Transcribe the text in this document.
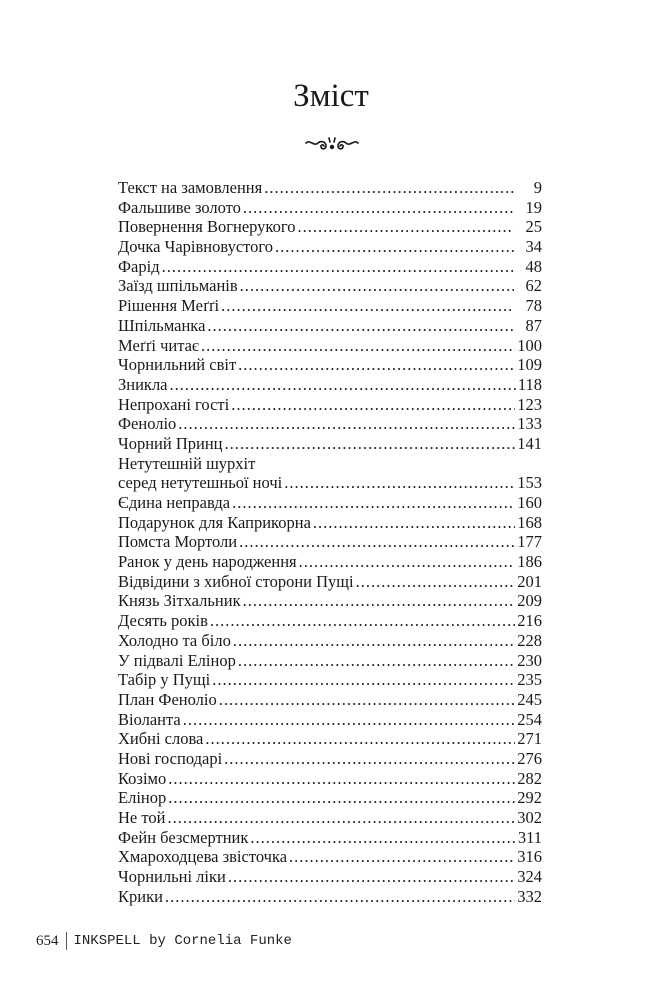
Зміст
Текст на замовлення .....	9
Фальшиве золото .....	19
Повернення Вогнерукого .....	25
Дочка Чарівновустого .....	34
Фарід .....	48
Заїзд шпільманів .....	62
Рішення Меґґі .....	78
Шпільманка .....	87
Меґґі читає .....	100
Чорнильний світ .....	109
Зникла .....	118
Непрохані гості .....	123
Феноліо .....	133
Чорний Принц .....	141
Нетутешній шурхіт
серед нетутешньої ночі .....	153
Єдина неправда .....	160
Подарунок для Каприкорна .....	168
Помста Мортоли .....	177
Ранок у день народження .....	186
Відвідини з хибної сторони Пущі .....	201
Князь Зітхальник .....	209
Десять років .....	216
Холодно та біло .....	228
У підвалі Елінор .....	230
Табір у Пущі .....	235
План Феноліо .....	245
Віоланта .....	254
Хибні слова .....	271
Нові господарі .....	276
Козімо .....	282
Елінор .....	292
Не той .....	302
Фейн безсмертник .....	311
Хмароходцева звісточка .....	316
Чорнильні ліки .....	324
Крики .....	332
654 INKSPELL by Cornelia Funke
